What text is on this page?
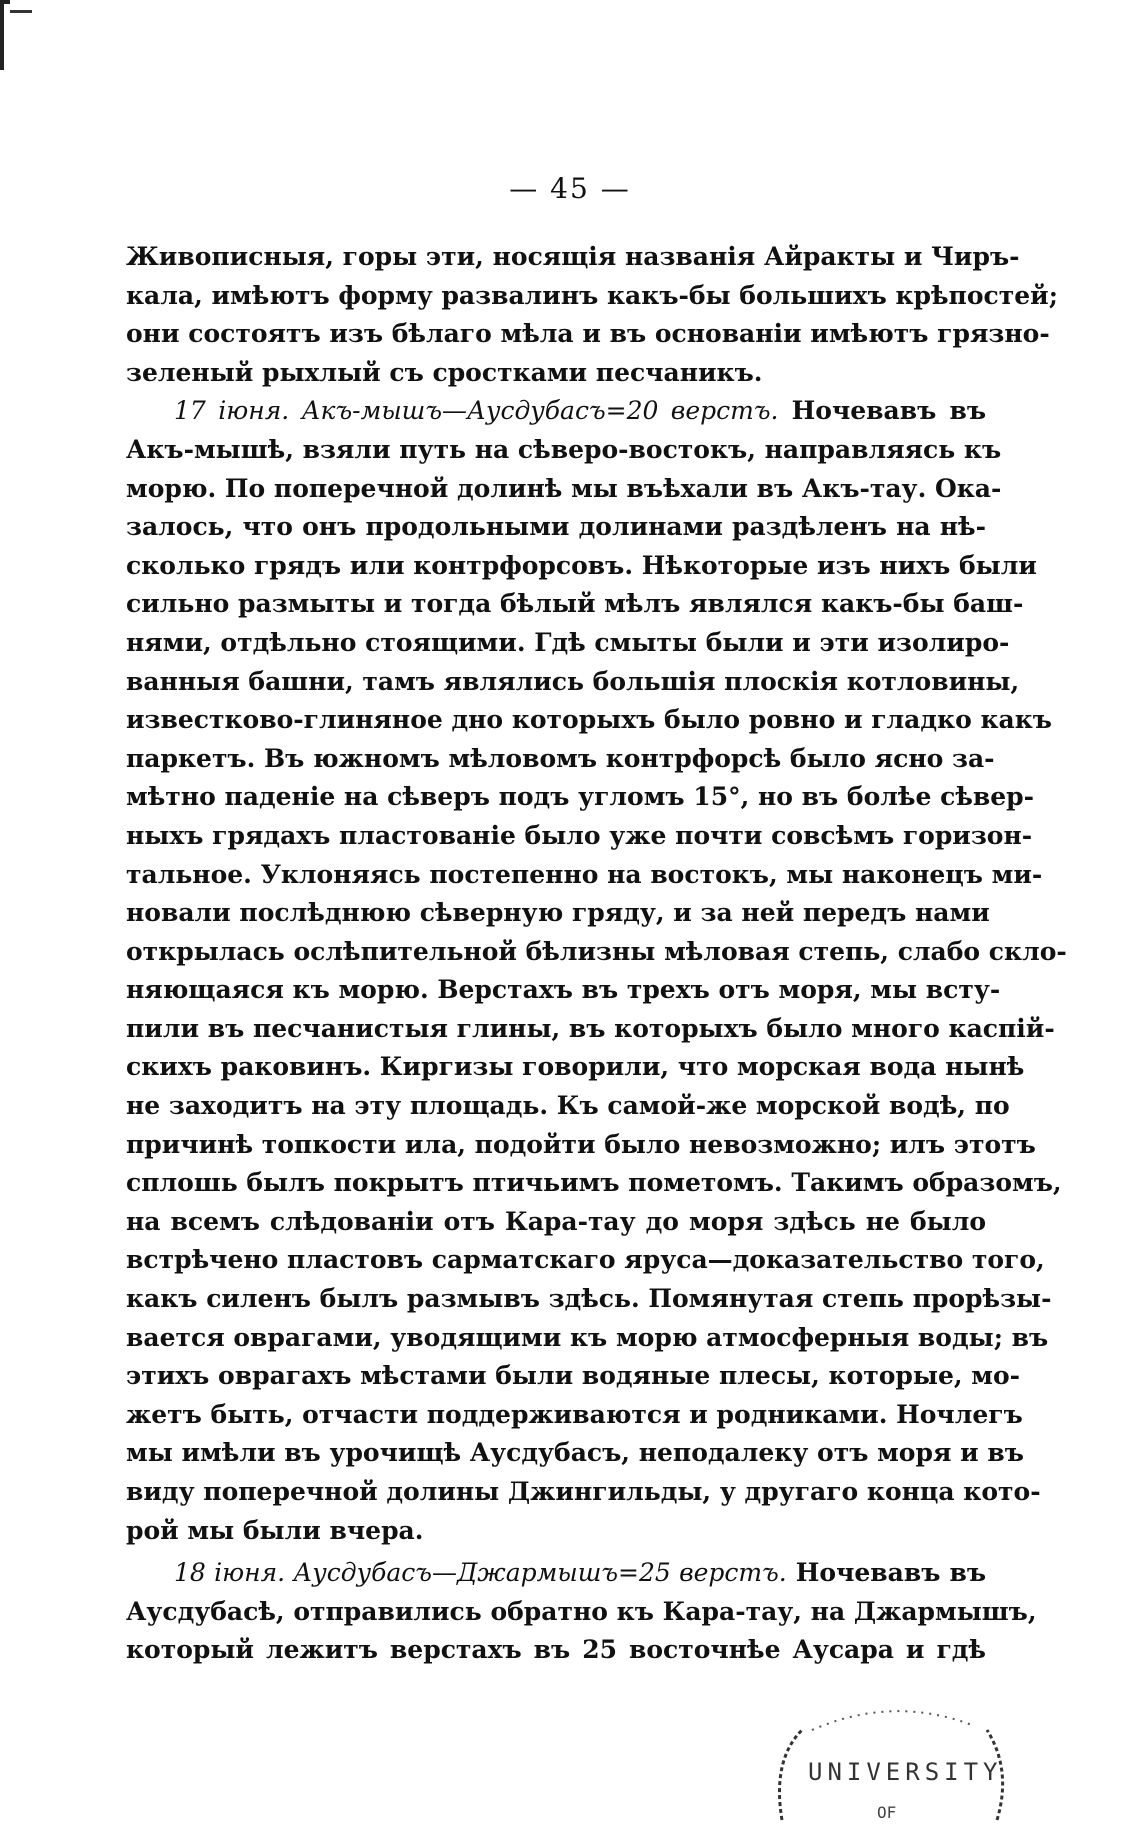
— 45 —
Живописныя, горы эти, носящія названія Айракты и Чиръ-
кала, имѣютъ форму развалинъ какъ-бы большихъ крѣпостей;
они состоятъ изъ бѣлаго мѣла и въ основаніи имѣютъ грязно-
зеленый рыхлый съ сростками песчаникъ.
17 іюня. Акъ-мышъ—Аусдубасъ=20 верстъ. Ночевавъ въ
Акъ-мышѣ, взяли путь на сѣверо-востокъ, направляясь къ
морю. По поперечной долинѣ мы въѣхали въ Акъ-тау. Ока-
залось, что онъ продольными долинами раздѣленъ на нѣ-
сколько грядъ или контрфорсовъ. Нѣкоторые изъ нихъ были
сильно размыты и тогда бѣлый мѣлъ являлся какъ-бы баш-
нями, отдѣльно стоящими. Гдѣ смыты были и эти изолиро-
ванныя башни, тамъ являлись большія плоскія котловины,
известково-глиняное дно которыхъ было ровно и гладко какъ
паркетъ. Въ южномъ мѣловомъ контрфорсѣ было ясно за-
мѣтно паденіе на сѣверъ подъ угломъ 15°, но въ болѣе сѣвер-
ныхъ грядахъ пластованіе было уже почти совсѣмъ горизон-
тальное. Уклоняясь постепенно на востокъ, мы наконецъ ми-
новали послѣднюю сѣверную гряду, и за ней передъ нами
открылась ослѣпительной бѣлизны мѣловая степь, слабо скло-
няющаяся къ морю. Верстахъ въ трехъ отъ моря, мы всту-
пили въ песчанистыя глины, въ которыхъ было много каспій-
скихъ раковинъ. Киргизы говорили, что морская вода нынѣ
не заходитъ на эту площадь. Къ самой-же морской водѣ, по
причинѣ топкости ила, подойти было невозможно; илъ этотъ
сплошь былъ покрытъ птичьимъ пометомъ. Такимъ образомъ,
на всемъ слѣдованіи отъ Кара-тау до моря здѣсь не было
встрѣчено пластовъ сарматскаго яруса—доказательство того,
какъ силенъ былъ размывъ здѣсь. Помянутая степь прорѣзы-
вается оврагами, уводящими къ морю атмосферныя воды; въ
этихъ оврагахъ мѣстами были водяные плесы, которые, мо-
жетъ быть, отчасти поддерживаются и родниками. Ночлегъ
мы имѣли въ урочищѣ Аусдубасъ, неподалеку отъ моря и въ
виду поперечной долины Джингильды, у другаго конца кото-
рой мы были вчера.
18 іюня. Аусдубасъ—Джармышъ=25 верстъ. Ночевавъ въ
Аусдубасѣ, отправились обратно къ Кара-тау, на Джармышъ,
который лежитъ верстахъ въ 25 восточнѣе Аусара и гдѣ
UNIVERSITY
OF
